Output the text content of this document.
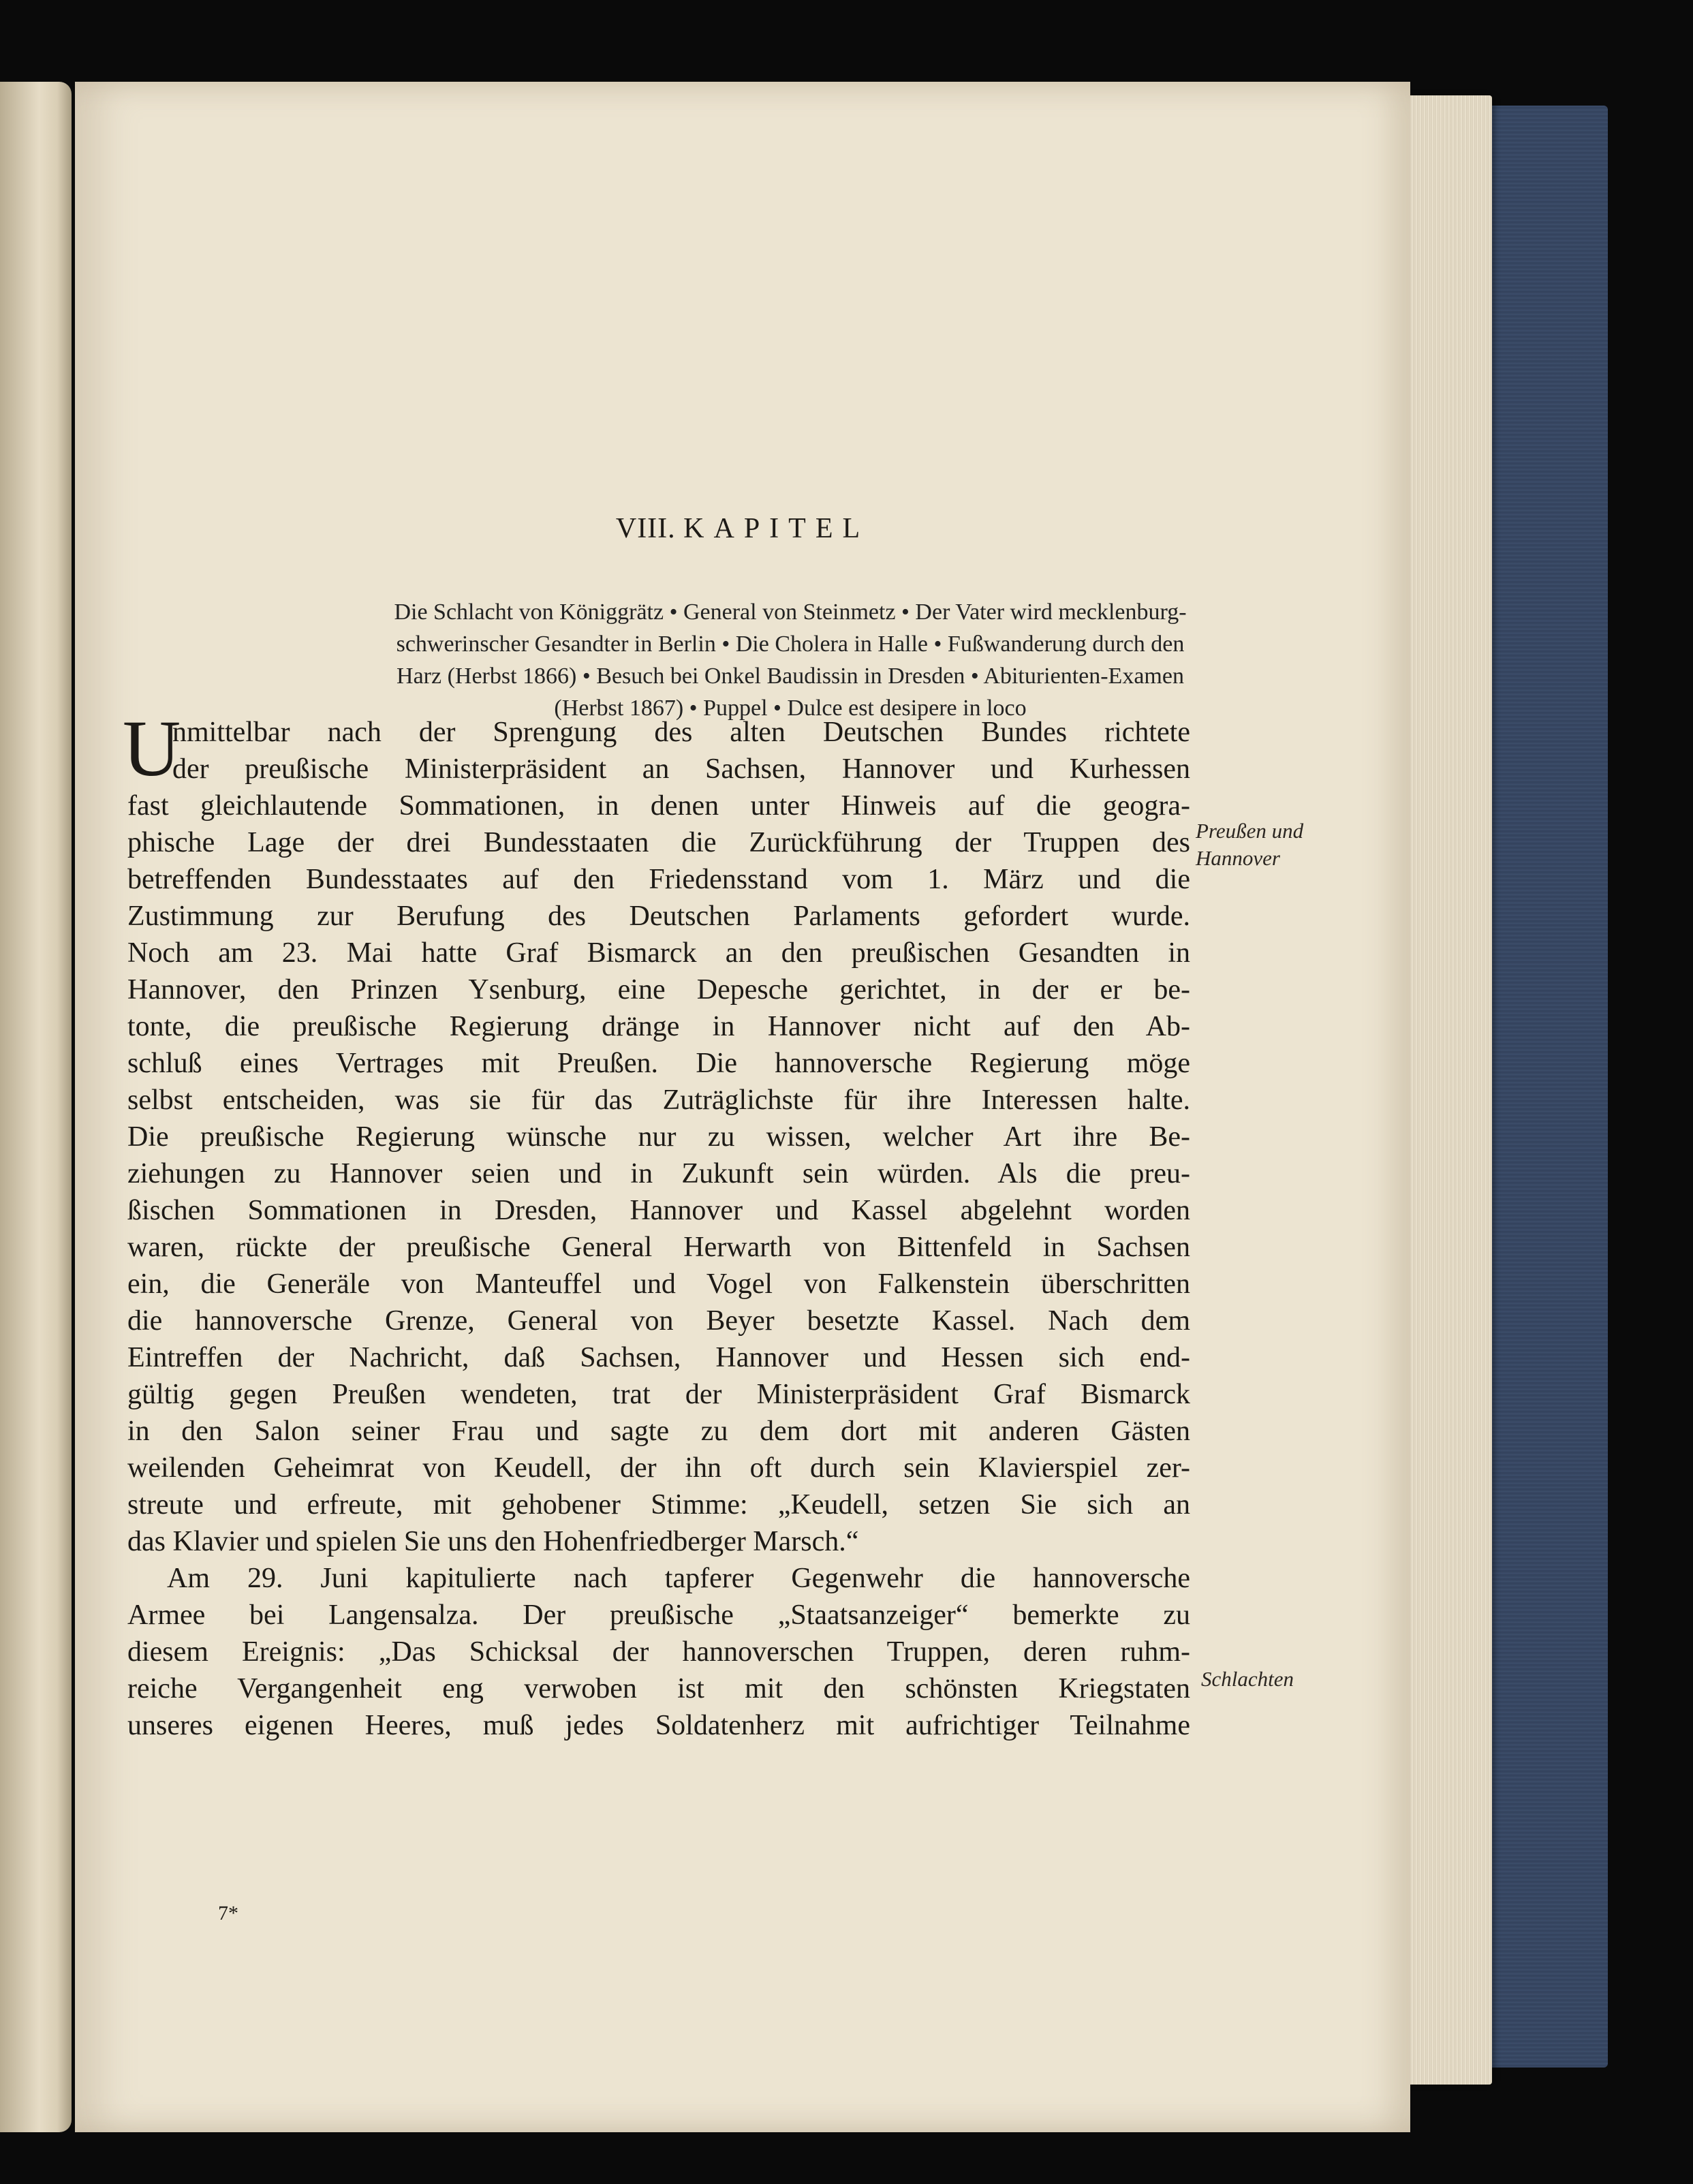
VIII. KAPITEL
Die Schlacht von Königgrätz • General von Steinmetz • Der Vater wird mecklenburg-
schwerinscher Gesandter in Berlin • Die Cholera in Halle • Fußwanderung durch den
Harz (Herbst 1866) • Besuch bei Onkel Baudissin in Dresden • Abiturienten-Examen
(Herbst 1867) • Puppel • Dulce est desipere in loco
Preußen und
Hannover
Schlachten
7*
U
nmittelbar nach der Sprengung des alten Deutschen Bundes richtete
der preußische Ministerpräsident an Sachsen, Hannover und Kurhessen
fast gleichlautende Sommationen, in denen unter Hinweis auf die geogra-
phische Lage der drei Bundesstaaten die Zurückführung der Truppen des
betreffenden Bundesstaates auf den Friedensstand vom 1. März und die
Zustimmung zur Berufung des Deutschen Parlaments gefordert wurde.
Noch am 23. Mai hatte Graf Bismarck an den preußischen Gesandten in
Hannover, den Prinzen Ysenburg, eine Depesche gerichtet, in der er be-
tonte, die preußische Regierung dränge in Hannover nicht auf den Ab-
schluß eines Vertrages mit Preußen. Die hannoversche Regierung möge
selbst entscheiden, was sie für das Zuträglichste für ihre Interessen halte.
Die preußische Regierung wünsche nur zu wissen, welcher Art ihre Be-
ziehungen zu Hannover seien und in Zukunft sein würden. Als die preu-
ßischen Sommationen in Dresden, Hannover und Kassel abgelehnt worden
waren, rückte der preußische General Herwarth von Bittenfeld in Sachsen
ein, die Generäle von Manteuffel und Vogel von Falkenstein überschritten
die hannoversche Grenze, General von Beyer besetzte Kassel. Nach dem
Eintreffen der Nachricht, daß Sachsen, Hannover und Hessen sich end-
gültig gegen Preußen wendeten, trat der Ministerpräsident Graf Bismarck
in den Salon seiner Frau und sagte zu dem dort mit anderen Gästen
weilenden Geheimrat von Keudell, der ihn oft durch sein Klavierspiel zer-
streute und erfreute, mit gehobener Stimme: „Keudell, setzen Sie sich an
das Klavier und spielen Sie uns den Hohenfriedberger Marsch.“
Am 29. Juni kapitulierte nach tapferer Gegenwehr die hannoversche
Armee bei Langensalza. Der preußische „Staatsanzeiger“ bemerkte zu
diesem Ereignis: „Das Schicksal der hannoverschen Truppen, deren ruhm-
reiche Vergangenheit eng verwoben ist mit den schönsten Kriegstaten
unseres eigenen Heeres, muß jedes Soldatenherz mit aufrichtiger Teilnahme
